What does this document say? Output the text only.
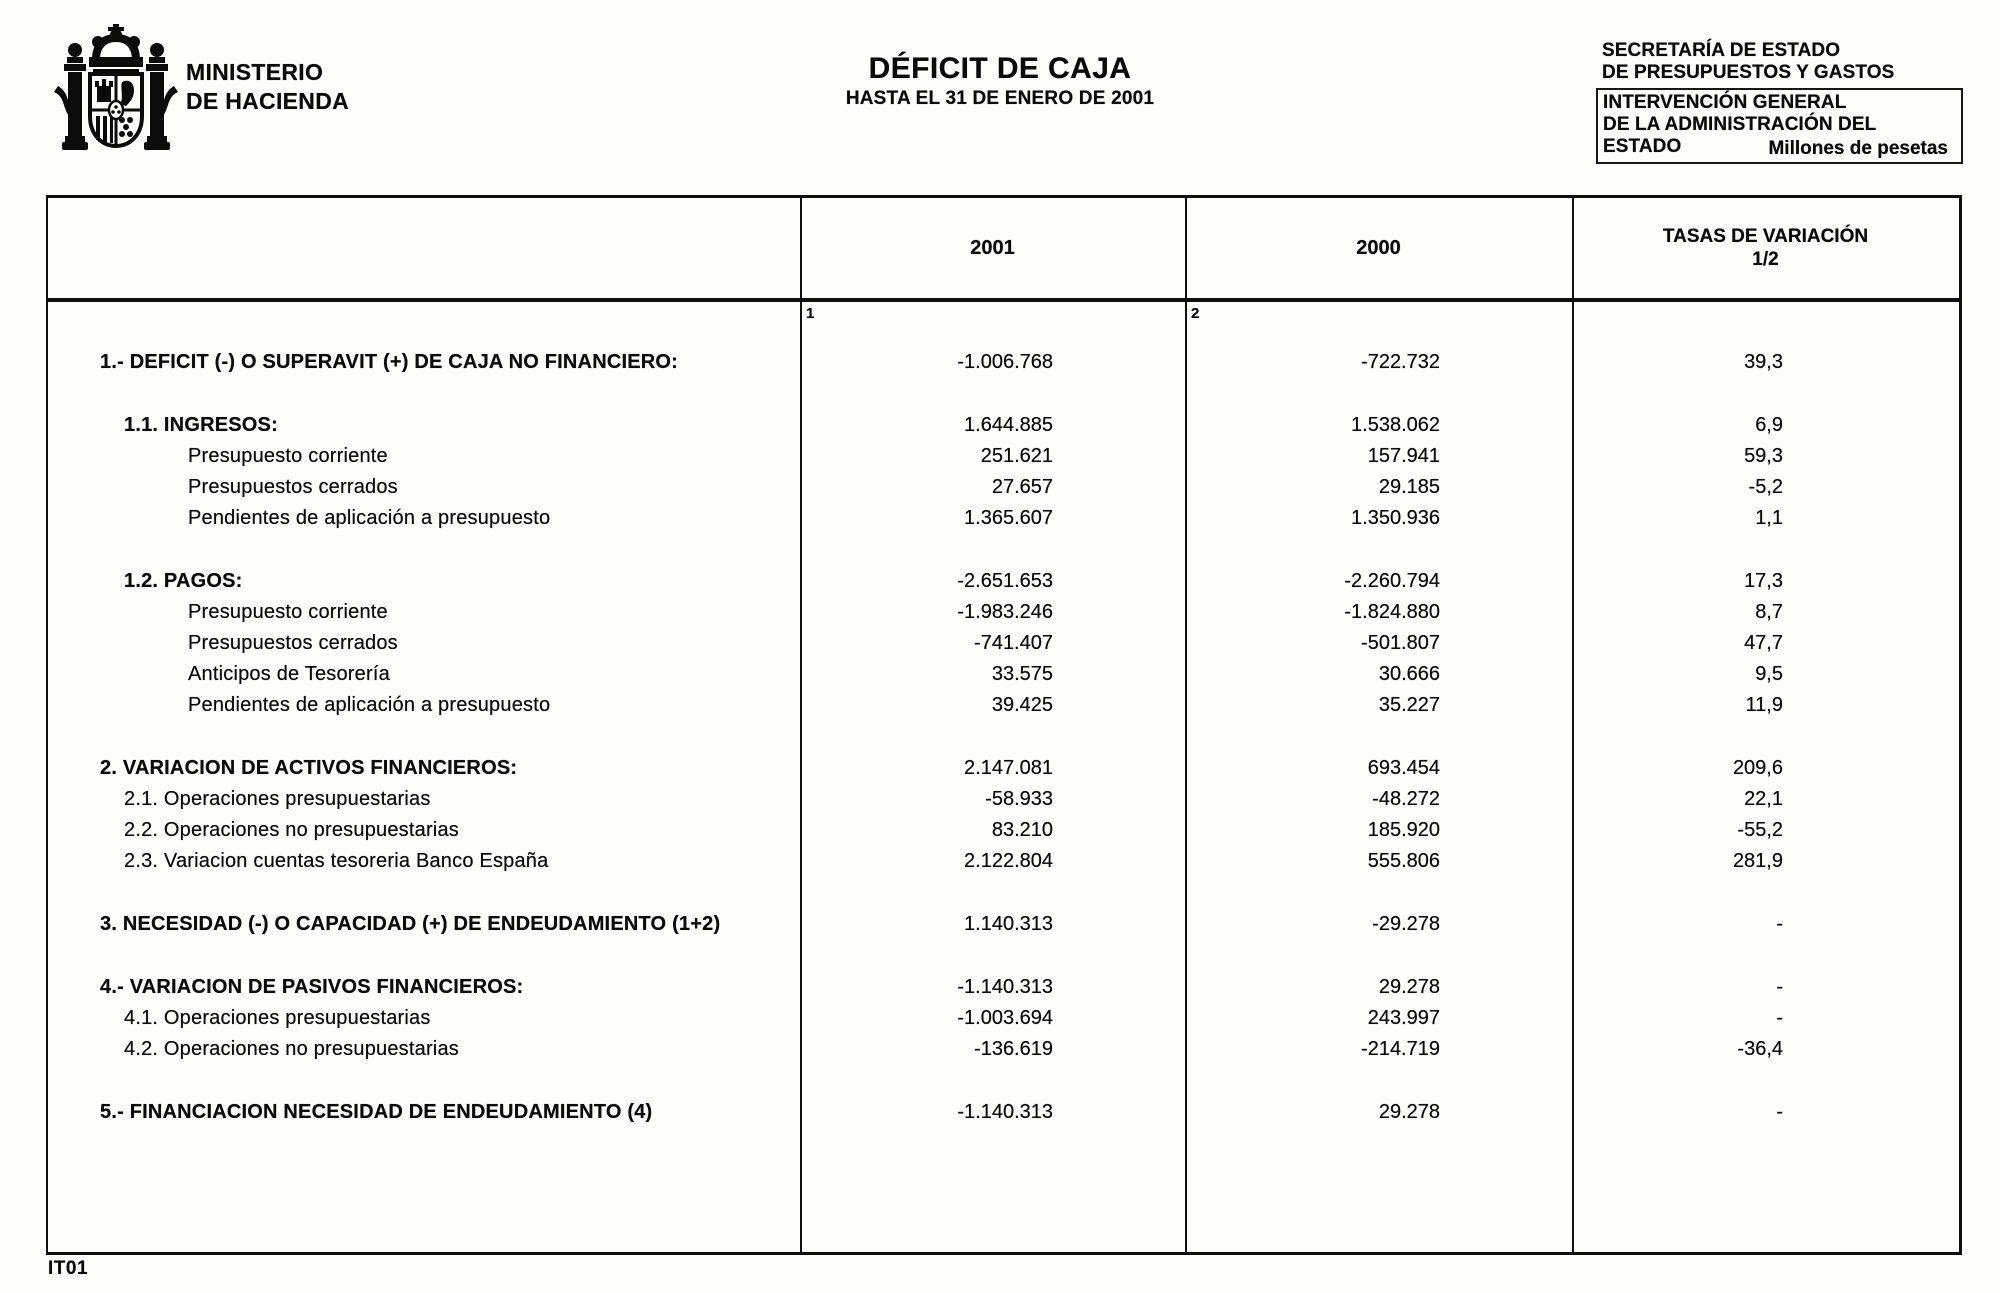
MINISTERIO
DE HACIENDA
DÉFICIT DE CAJA
HASTA EL 31 DE ENERO DE 2001
SECRETARÍA DE ESTADO
DE PRESUPUESTOS Y GASTOS
INTERVENCIÓN GENERAL
DE LA ADMINISTRACIÓN DEL ESTADO	Millones de pesetas
2001	2000	TASAS DE VARIACIÓN
1/2
1	2
1.- DEFICIT (-) O SUPERAVIT (+) DE CAJA NO FINANCIERO:	-1.006.768	-722.732	39,3
1.1. INGRESOS:	1.644.885	1.538.062	6,9
Presupuesto corriente	251.621	157.941	59,3
Presupuestos cerrados	27.657	29.185	-5,2
Pendientes de aplicación a presupuesto	1.365.607	1.350.936	1,1
1.2. PAGOS:	-2.651.653	-2.260.794	17,3
Presupuesto corriente	-1.983.246	-1.824.880	8,7
Presupuestos cerrados	-741.407	-501.807	47,7
Anticipos de Tesorería	33.575	30.666	9,5
Pendientes de aplicación a presupuesto	39.425	35.227	11,9
2. VARIACION DE ACTIVOS FINANCIEROS:	2.147.081	693.454	209,6
2.1. Operaciones presupuestarias	-58.933	-48.272	22,1
2.2. Operaciones no presupuestarias	83.210	185.920	-55,2
2.3. Variacion cuentas tesoreria Banco España	2.122.804	555.806	281,9
3. NECESIDAD (-) O CAPACIDAD (+) DE ENDEUDAMIENTO (1+2)	1.140.313	-29.278	-
4.- VARIACION DE PASIVOS FINANCIEROS:	-1.140.313	29.278	-
4.1. Operaciones presupuestarias	-1.003.694	243.997	-
4.2. Operaciones no presupuestarias	-136.619	-214.719	-36,4
5.- FINANCIACION NECESIDAD DE ENDEUDAMIENTO (4)	-1.140.313	29.278	-
IT01
